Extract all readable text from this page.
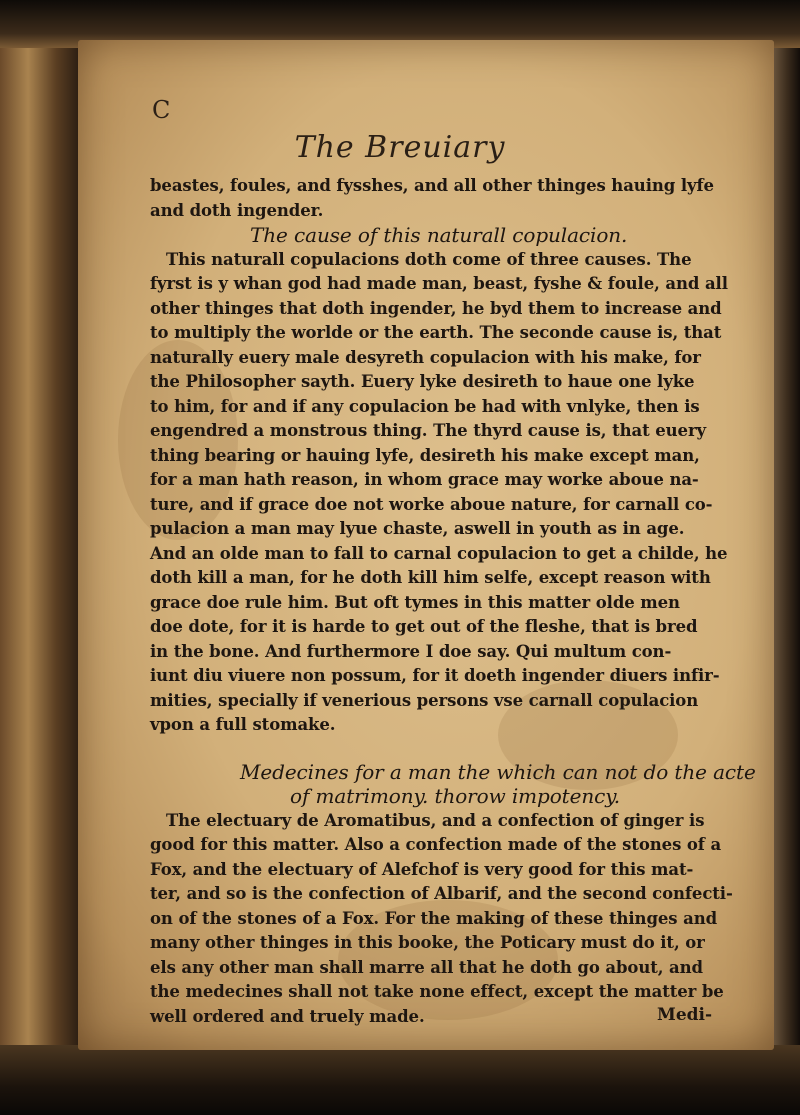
C
The Breuiary
beastes, foules, and fysshes, and all other thinges hauing lyfe
and doth ingender.
The cause of this naturall copulacion.
This naturall copulacions doth come of three causes. The
fyrst is y whan god had made man, beast, fyshe & foule, and all
other thinges that doth ingender, he byd them to increase and
to multiply the worlde or the earth. The seconde cause is, that
naturally euery male desyreth copulacion with his make, for
the Philosopher sayth. Euery lyke desireth to haue one lyke
to him, for and if any copulacion be had with vnlyke, then is
engendred a monstrous thing. The thyrd cause is, that euery
thing bearing or hauing lyfe, desireth his make except man,
for a man hath reason, in whom grace may worke aboue na-
ture, and if grace doe not worke aboue nature, for carnall co-
pulacion a man may lyue chaste, aswell in youth as in age.
And an olde man to fall to carnal copulacion to get a childe, he
doth kill a man, for he doth kill him selfe, except reason with
grace doe rule him. But oft tymes in this matter olde men
doe dote, for it is harde to get out of the fleshe, that is bred
in the bone. And furthermore I doe say. Qui multum con-
iunt diu viuere non possum, for it doeth ingender diuers infir-
mities, specially if venerious persons vse carnall copulacion
vpon a full stomake.
Medecines for a man the which can not do the acte
of matrimony. thorow impotency.
The electuary de Aromatibus, and a confection of ginger is
good for this matter. Also a confection made of the stones of a
Fox, and the electuary of Alefchof is very good for this mat-
ter, and so is the confection of Albarif, and the second confecti-
on of the stones of a Fox. For the making of these thinges and
many other thinges in this booke, the Poticary must do it, or
els any other man shall marre all that he doth go about, and
the medecines shall not take none effect, except the matter be
well ordered and truely made.	Medi-
